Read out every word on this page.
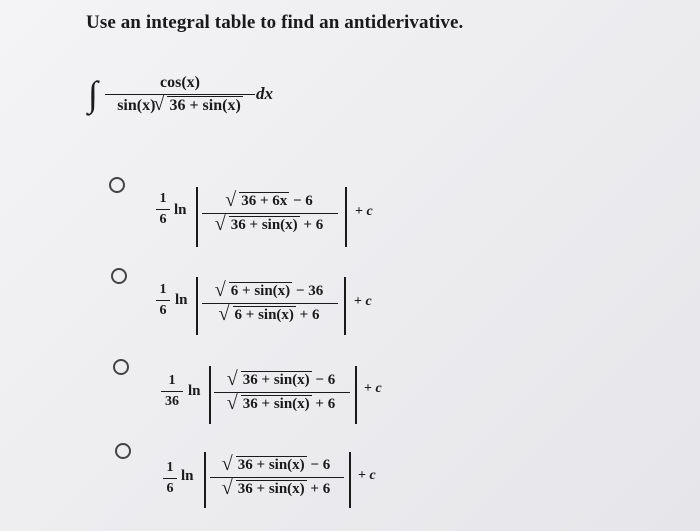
Use an integral table to find an antiderivative.
∫	cos(x)
sin(x)√ 36 + sin(x)
dx
1
6
ln
√ 36 + 6x − 6
√ 36 + sin(x) + 6
+ c
1
6
ln
√ 6 + sin(x) − 36
√ 6 + sin(x) + 6
+ c
1
36
ln
√ 36 + sin(x) − 6
√ 36 + sin(x) + 6
+ c
1
6
ln
√ 36 + sin(x) − 6
√ 36 + sin(x) + 6
+ c
